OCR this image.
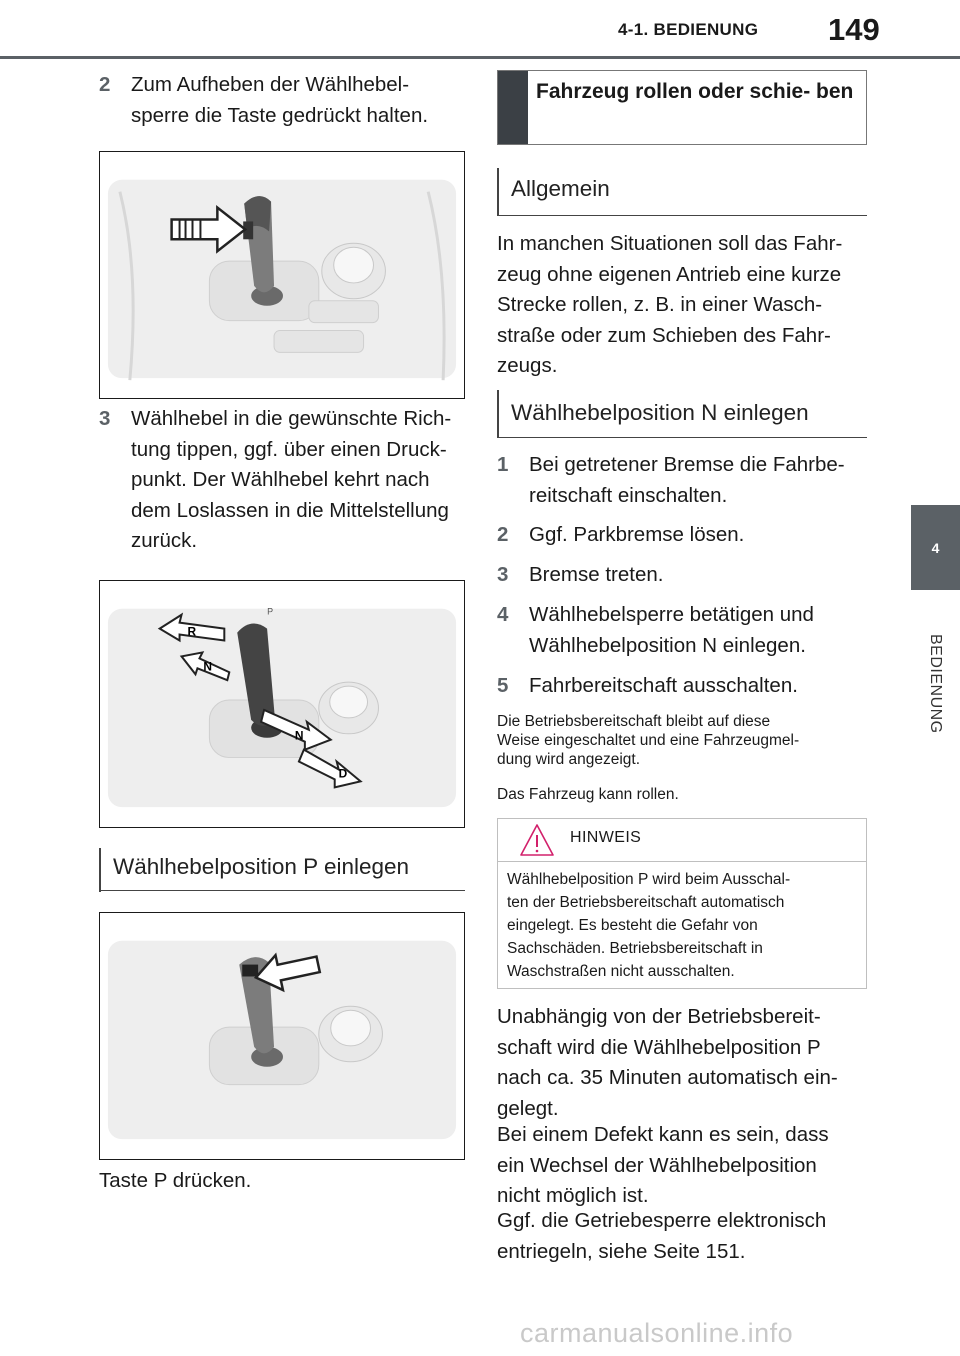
4-1. BEDIENUNG 149
4
BEDIENUNG
2 Zum Aufheben der Wählhebel-
sperre die Taste gedrückt halten.
3 Wählhebel in die gewünschte Rich-
tung tippen, ggf. über einen Druck-
punkt. Der Wählhebel kehrt nach
dem Loslassen in die Mittelstellung
zurück.
P
R
N
N
D
Wählhebelposition P einlegen
Taste P drücken.
Fahrzeug rollen oder schie- ben
Allgemein
In manchen Situationen soll das Fahr-
zeug ohne eigenen Antrieb eine kurze
Strecke rollen, z. B. in einer Wasch-
straße oder zum Schieben des Fahr-
zeugs.
Wählhebelposition N einlegen
1 Bei getretener Bremse die Fahrbe-
reitschaft einschalten.
2 Ggf. Parkbremse lösen.
3 Bremse treten.
4 Wählhebelsperre betätigen und
Wählhebelposition N einlegen.
5 Fahrbereitschaft ausschalten.
Die Betriebsbereitschaft bleibt auf diese
Weise eingeschaltet und eine Fahrzeugmel-
dung wird angezeigt.
Das Fahrzeug kann rollen.
HINWEIS
Wählhebelposition P wird beim Ausschal-
ten der Betriebsbereitschaft automatisch
eingelegt. Es besteht die Gefahr von
Sachschäden. Betriebsbereitschaft in
Waschstraßen nicht ausschalten.
Unabhängig von der Betriebsbereit-
schaft wird die Wählhebelposition P
nach ca. 35 Minuten automatisch ein-
gelegt.
Bei einem Defekt kann es sein, dass
ein Wechsel der Wählhebelposition
nicht möglich ist.
Ggf. die Getriebesperre elektronisch
entriegeln, siehe Seite 151.
carmanualsonline.info
